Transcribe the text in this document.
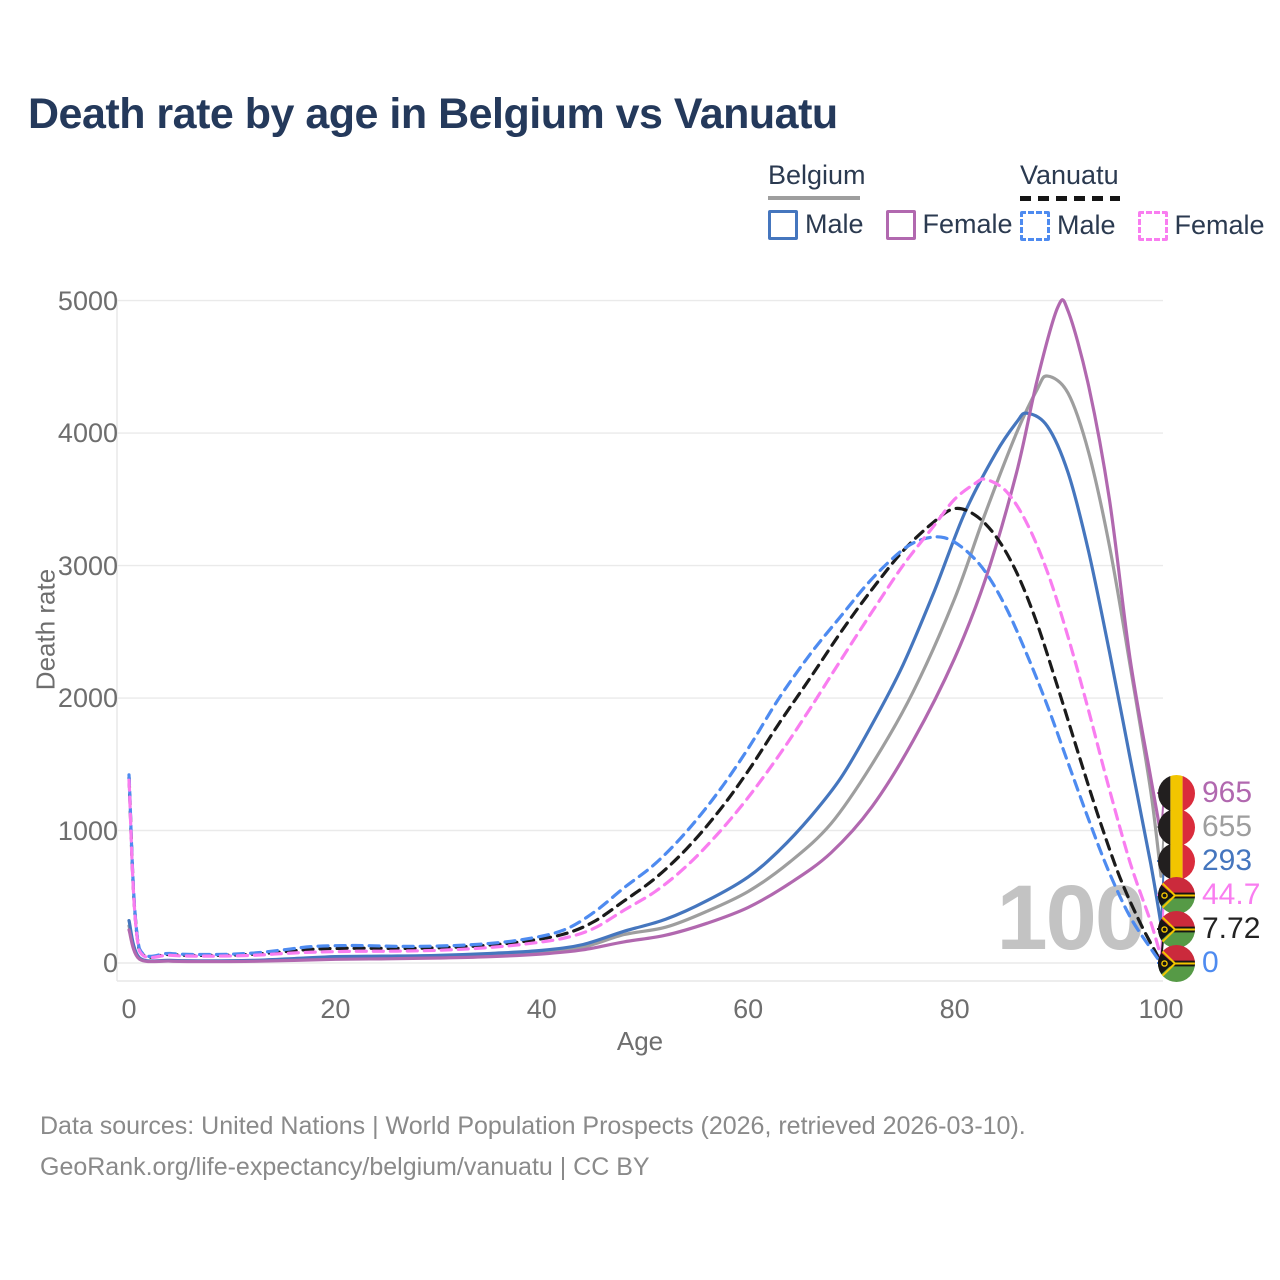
Death rate by age in Belgium vs Vanuatu
Death rate
100
Belgium
Male Female
Vanuatu
Male Female
0
1000
2000
3000
4000
5000
0	20	40	60	80	100
Age
965
655
293
44.7
7.72
0
Data sources: United Nations | World Population Prospects (2026, retrieved 2026-03-10).
GeoRank.org/life-expectancy/belgium/vanuatu | CC BY
